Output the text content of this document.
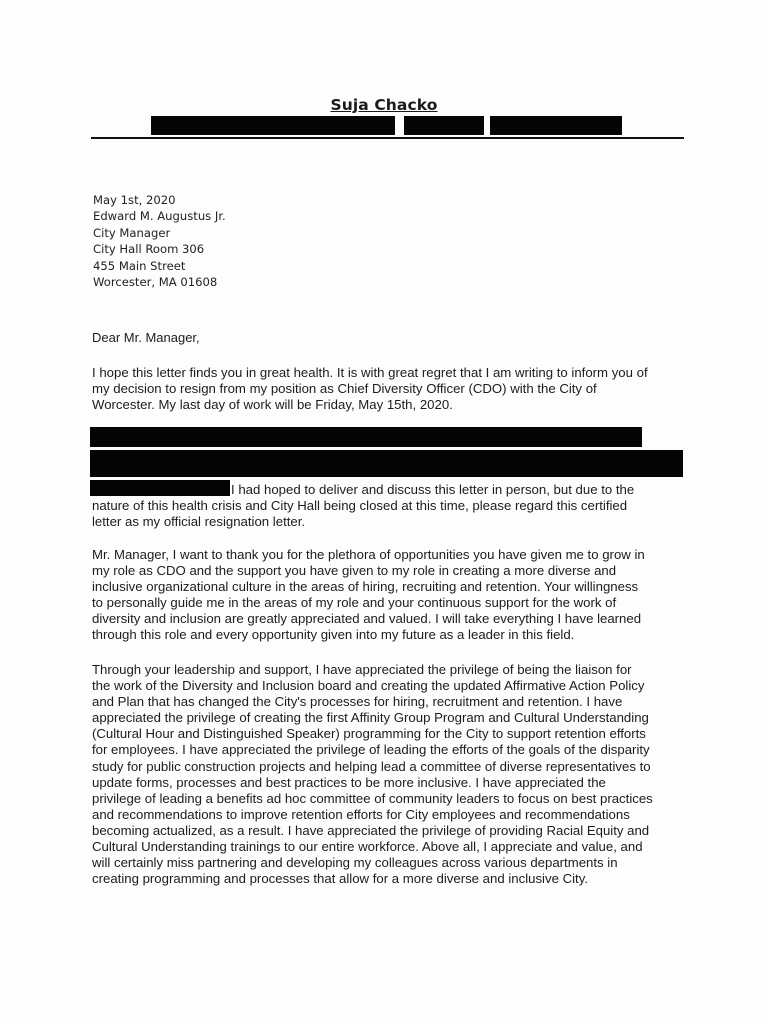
Suja Chacko
May 1st, 2020
Edward M. Augustus Jr.
City Manager
City Hall Room 306
455 Main Street
Worcester, MA 01608
Dear Mr. Manager,
I hope this letter finds you in great health. It is with great regret that I am writing to inform you of
my decision to resign from my position as Chief Diversity Officer (CDO) with the City of
Worcester. My last day of work will be Friday, May 15th, 2020.
I had hoped to deliver and discuss this letter in person, but due to the
nature of this health crisis and City Hall being closed at this time, please regard this certified
letter as my official resignation letter.
Mr. Manager, I want to thank you for the plethora of opportunities you have given me to grow in
my role as CDO and the support you have given to my role in creating a more diverse and
inclusive organizational culture in the areas of hiring, recruiting and retention. Your willingness
to personally guide me in the areas of my role and your continuous support for the work of
diversity and inclusion are greatly appreciated and valued. I will take everything I have learned
through this role and every opportunity given into my future as a leader in this field.
Through your leadership and support, I have appreciated the privilege of being the liaison for
the work of the Diversity and Inclusion board and creating the updated Affirmative Action Policy
and Plan that has changed the City's processes for hiring, recruitment and retention. I have
appreciated the privilege of creating the first Affinity Group Program and Cultural Understanding
(Cultural Hour and Distinguished Speaker) programming for the City to support retention efforts
for employees. I have appreciated the privilege of leading the efforts of the goals of the disparity
study for public construction projects and helping lead a committee of diverse representatives to
update forms, processes and best practices to be more inclusive. I have appreciated the
privilege of leading a benefits ad hoc committee of community leaders to focus on best practices
and recommendations to improve retention efforts for City employees and recommendations
becoming actualized, as a result. I have appreciated the privilege of providing Racial Equity and
Cultural Understanding trainings to our entire workforce. Above all, I appreciate and value, and
will certainly miss partnering and developing my colleagues across various departments in
creating programming and processes that allow for a more diverse and inclusive City.
